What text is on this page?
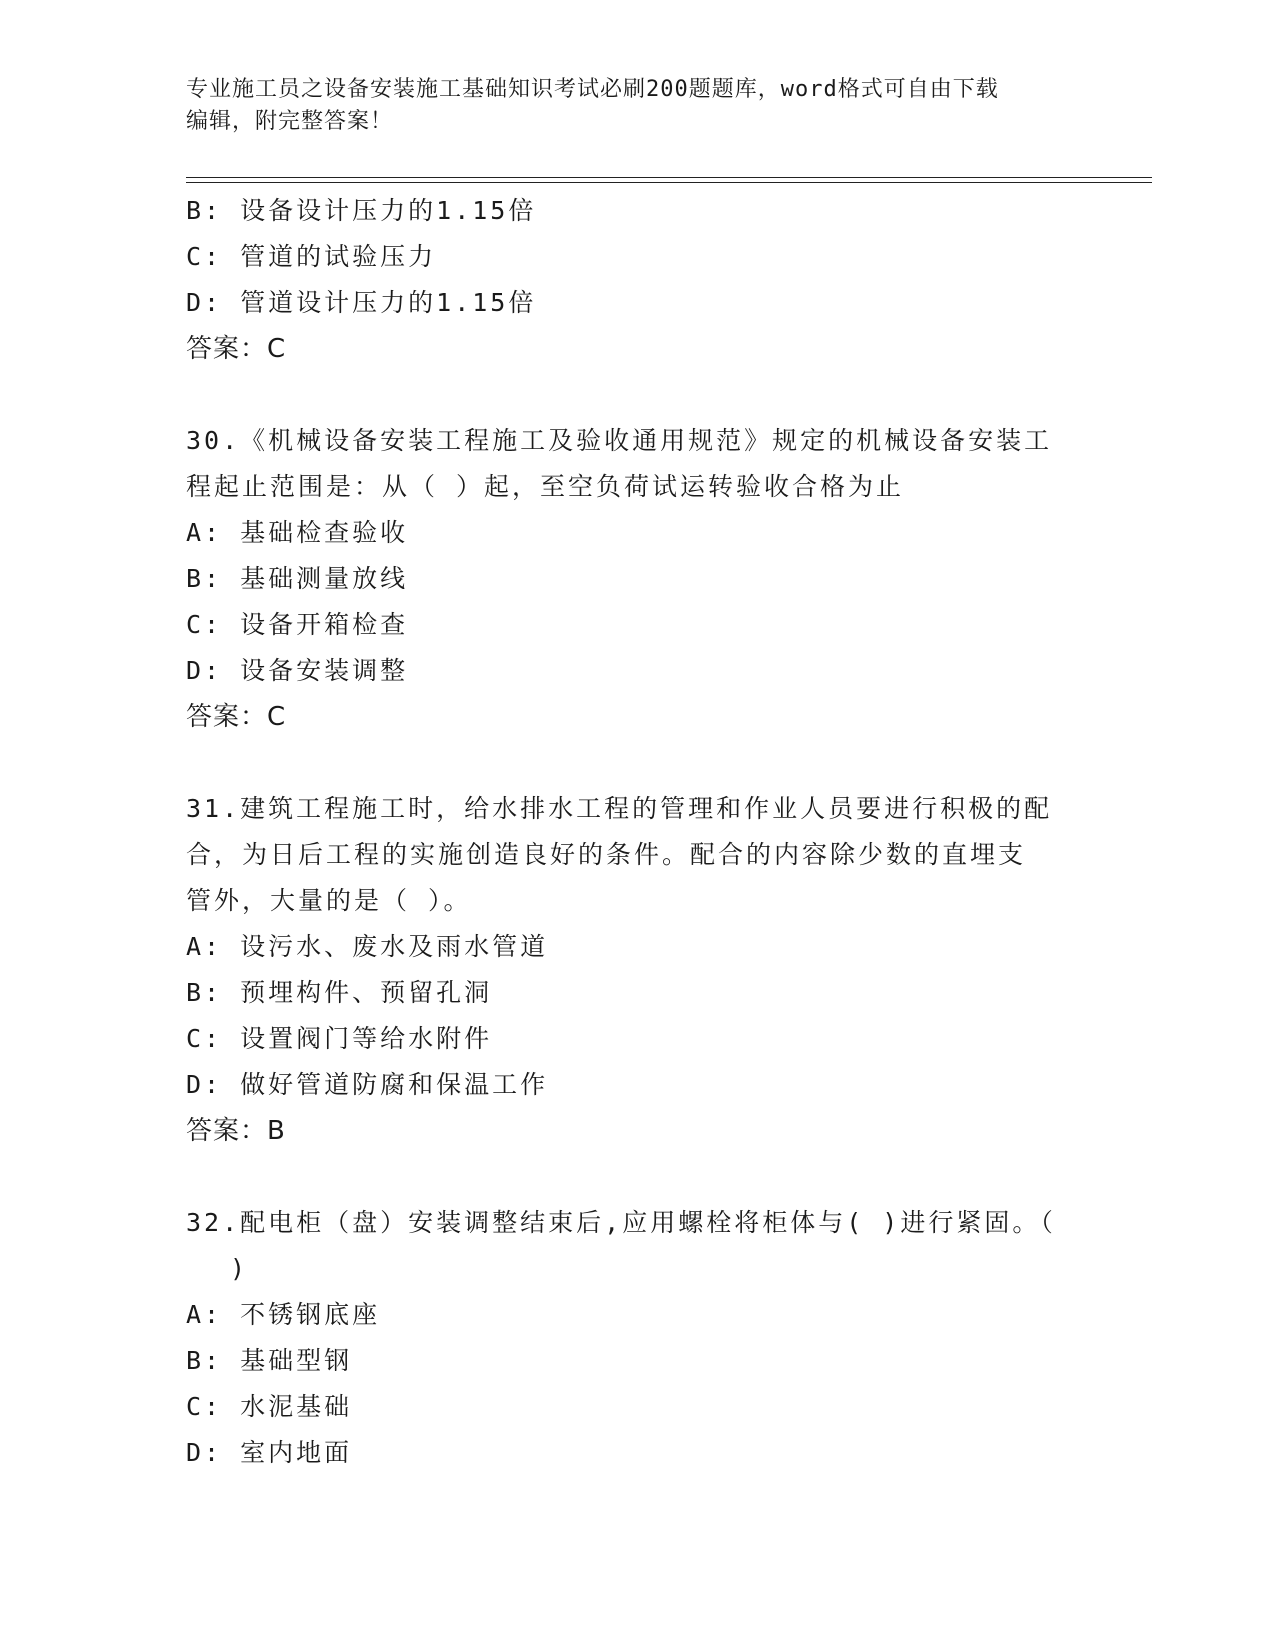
专业施工员之设备安装施工基础知识考试必刷200题题库，word格式可自由下载
编辑，附完整答案！
B: 设备设计压力的1.15倍
C: 管道的试验压力
D: 管道设计压力的1.15倍
答案：C
30.《机械设备安装工程施工及验收通用规范》规定的机械设备安装工
程起止范围是：从（ ）起，至空负荷试运转验收合格为止
A: 基础检查验收
B: 基础测量放线
C: 设备开箱检查
D: 设备安装调整
答案：C
31.建筑工程施工时，给水排水工程的管理和作业人员要进行积极的配
合，为日后工程的实施创造良好的条件。配合的内容除少数的直埋支
管外，大量的是（ ）。
A: 设污水、废水及雨水管道
B: 预埋构件、预留孔洞
C: 设置阀门等给水附件
D: 做好管道防腐和保温工作
答案：B
32.配电柜（盘）安装调整结束后,应用螺栓将柜体与( )进行紧固。（
)
A: 不锈钢底座
B: 基础型钢
C: 水泥基础
D: 室内地面
